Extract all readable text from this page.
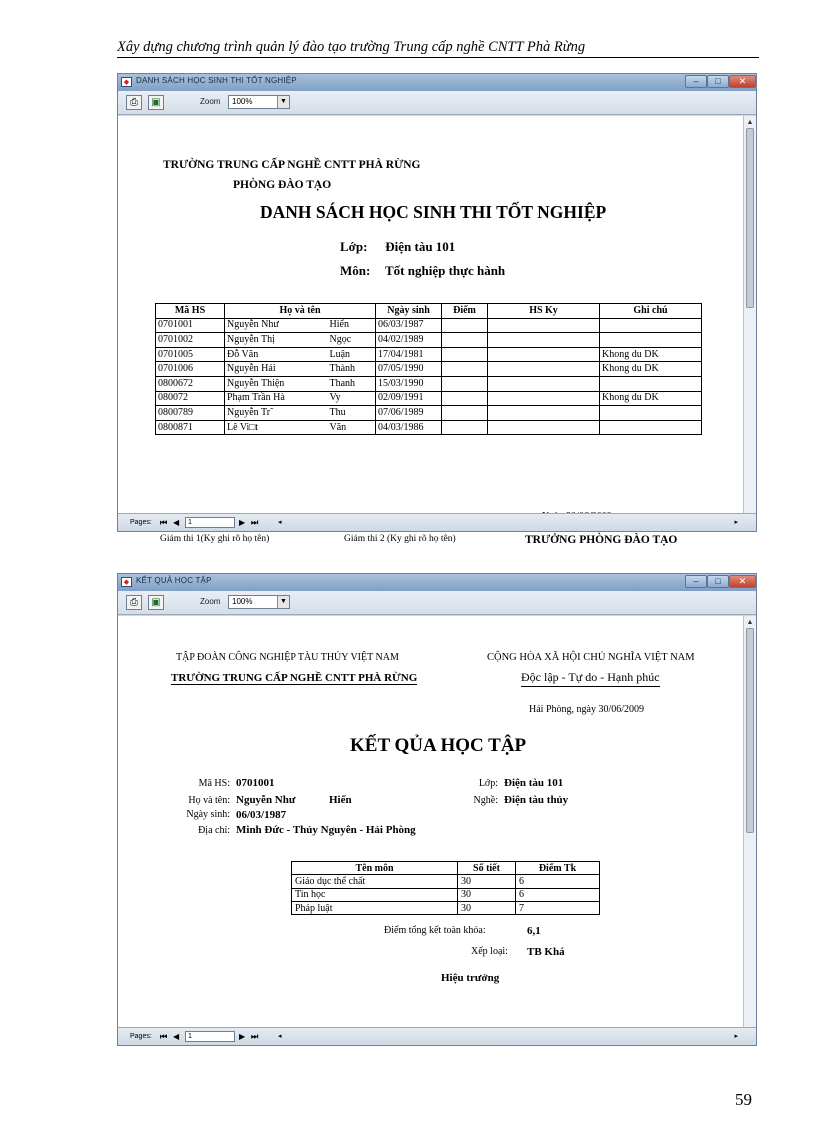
Xây dựng chương trình quản lý đào tạo trường Trung cấp nghề CNTT Phà Rừng
◆ DANH SÁCH HỌC SINH THI TỐT NGHIỆP	–	□	✕
⎙	▣	Zoom	100%	▼
TRƯỜNG TRUNG CẤP NGHỀ CNTT PHÀ RỪNG
PHÒNG ĐÀO TẠO
DANH SÁCH HỌC SINH THI TỐT NGHIỆP
Lớp: Điện tàu 101
Môn: Tốt nghiệp thực hành
Mã HS	Họ và tên		Ngày sinh	Điểm	HS Ky	Ghi chú
0701001	Nguyễn Như	Hiển	06/03/1987			
0701002	Nguyễn Thị	Ngọc	04/02/1989			
0701005	Đỗ Văn	Luận	17/04/1981			Khong du DK
0701006	Nguyễn Hải	Thành	07/05/1990			Khong du DK
0800672	Nguyễn Thiện	Thanh	15/03/1990			
080072	Phạm Trần Hà	Vy	02/09/1991			Khong du DK
0800789	Nguyễn Tr˜	Thu	07/06/1989			
0800871	Lê Vi□t	Văn	04/03/1986			
Giám thi 1(Ky ghi rõ họ tên)	Giám thi 2 (Ky ghi rõ họ tên)	TRƯỞNG PHÒNG ĐÀO TẠO
▲
Pages: ⏮ ◀	1	▶ ⏭	◂	▸
◆ KẾT QUẢ HỌC TẬP	–	□	✕
⎙	▣	Zoom	100%	▼
TẬP ĐOÀN CÔNG NGHIỆP TÀU THỦY VIỆT NAM
TRƯỜNG TRUNG CẤP NGHỀ CNTT PHÀ RỪNG
CỘNG HÒA XÃ HỘI CHỦ NGHĨA VIỆT NAM
Độc lập - Tự do - Hạnh phúc
Hải Phòng, ngày 30/06/2009
KẾT QỦA HỌC TẬP
Mã HS: 0701001
Họ và tên: Nguyễn Như	Hiển
Ngày sinh: 06/03/1987
Địa chỉ: Minh Đức - Thủy Nguyên - Hải Phòng
Lớp: Điện tàu 101
Nghề: Điện tàu thủy
Tên môn	Số tiết	Điểm Tk
Giáo dục thể chất	30	6
Tin học	30	6
Pháp luật	30	7
Điểm tổng kết toàn khóa:	6,1
Xếp loại: TB Khá
Hiệu trưởng
▲
Pages: ⏮ ◀	1	▶ ⏭	◂	▸
59
